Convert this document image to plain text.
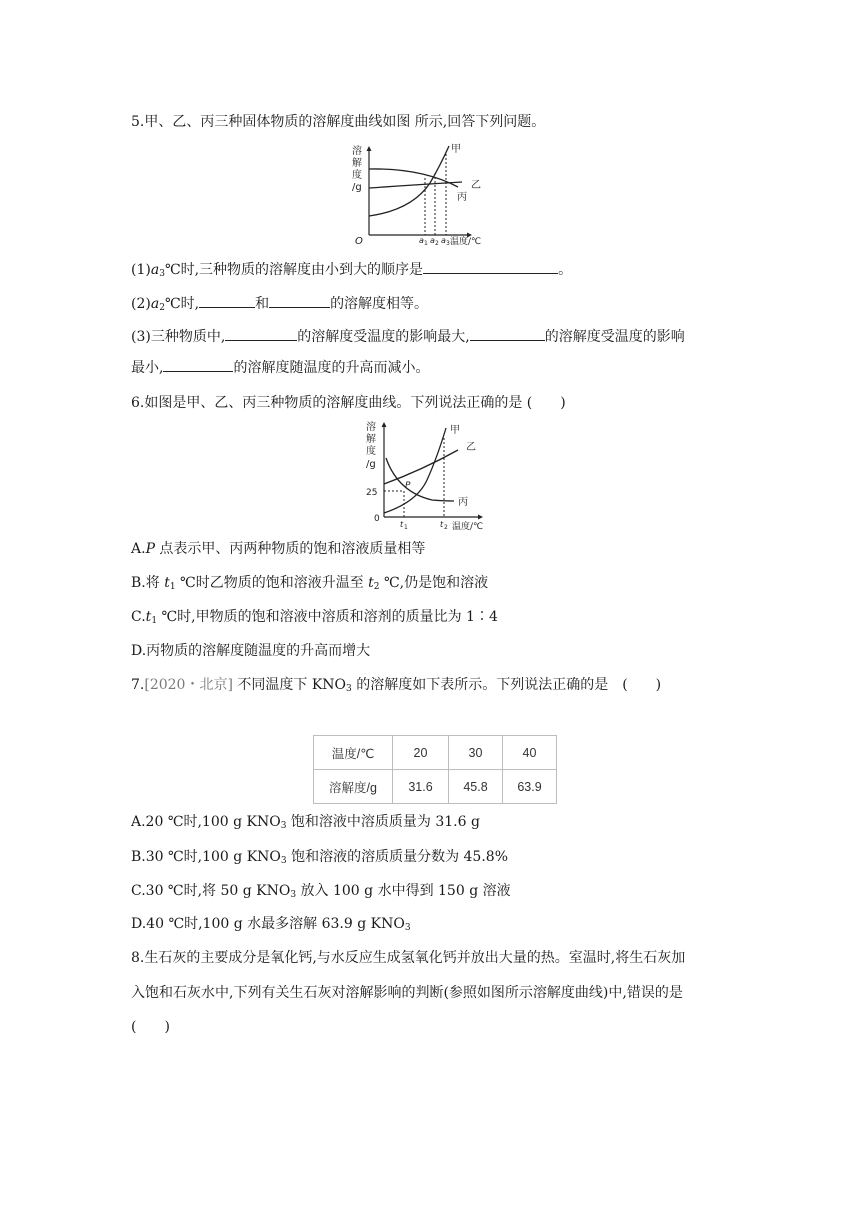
5.甲、乙、丙三种固体物质的溶解度曲线如图 所示,回答下列问题。
溶
解
度
/g
O	a 1 a 2 a 3 温度/℃
甲
乙
丙
$(1)a_3℃$时,三种物质的溶解度由小到大的顺序是	。
$(2)a_2℃$时,	和	的溶解度相等。
(3)三种物质中,	的溶解度受温度的影响最大,	的溶解度受温度的影响
最小,	的溶解度随温度的升高而减小。
6.如图是甲、乙、丙三种物质的溶解度曲线。下列说法正确的是 (　　)
溶
解
度
/g
25
0
P
t 1	t 2 温度/℃
甲
乙
丙
A.P 点表示甲、丙两种物质的饱和溶液质量相等
B.将 $t_1$ ℃时乙物质的饱和溶液升温至 $t_2$ ℃,仍是饱和溶液
$C.t_1$ ℃时,甲物质的饱和溶液中溶质和溶剂的质量比为 1∶4
D.丙物质的溶解度随温度的升高而增大
7.[2020・北京] 不同温度下 $KNO_3$ 的溶解度如下表所示。下列说法正确的是　(　　)
温度/℃	20	30	40
溶解度/g	31.6	45.8	63.9
A.20 ℃时,100 g $KNO_3$ 饱和溶液中溶质质量为 31.6 g
B.30 ℃时,100 g $KNO_3$ 饱和溶液的溶质质量分数为 45.8%
C.30 ℃时,将 50 g $KNO_3$ 放入 100 g 水中得到 150 g 溶液
D.40 ℃时,100 g 水最多溶解 63.9 g $KNO_3$
8.生石灰的主要成分是氧化钙,与水反应生成氢氧化钙并放出大量的热。室温时,将生石灰加
入饱和石灰水中,下列有关生石灰对溶解影响的判断(参照如图所示溶解度曲线)中,错误的是
(　　)
